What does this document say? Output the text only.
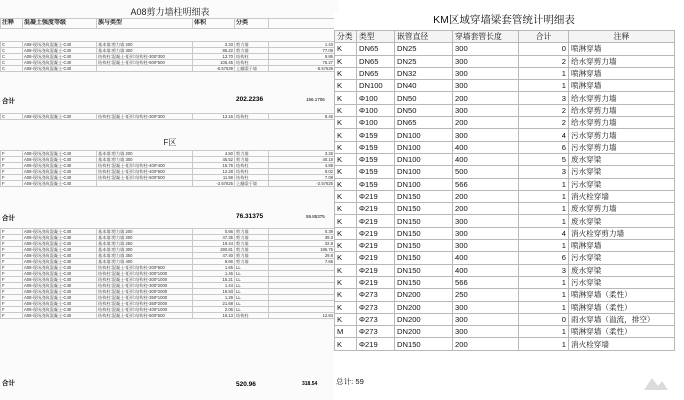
A08剪力墙柱明细表
注释	混凝土强度等级	族与类型	体积	分类	
C	A08-现场浇筑混凝土-C40	基本墙:剪力墙 200	3.33	剪力墙	1.43
C	A08-现场浇筑混凝土-C40	基本墙:剪力墙 300	85.22	剪力墙	77.09
C	A08-现场浇筑混凝土-C40	结构柱:混凝土-矩形:结构柱-300*300	13.70	结构柱	9.86
C	A08-现场浇筑混凝土-C40	结构柱:混凝土-矩形:结构柱-500*500	105.45	结构柱	76.27
C	A08-现场浇筑混凝土-C40		-5.57639	上翻梁于墙	-5.57639
合计	202.2236	156.1706
C	A08-现场浇筑混凝土-C30	结构柱:混凝土-矩形:结构柱-300*300	13.16	结构柱	8.46
F区
F	A08-现场浇筑混凝土-C40	基本墙:剪力墙 200	4.50	剪力墙	3.26
F	A08-现场浇筑混凝土-C40	基本墙:剪力墙 300	45.52	剪力墙	40.18
F	A08-现场浇筑混凝土-C40	结构柱:混凝土-矩形:结构柱-400*400	15.76	结构柱	4.89
F	A08-现场浇筑混凝土-C40	结构柱:混凝土-矩形:结构柱-400*600	12.28	结构柱	9.02
F	A08-现场浇筑混凝土-C40	结构柱:混凝土-矩形:结构柱-500*500	11.59	结构柱	7.08
F	A08-现场浇筑混凝土-C40		-2.57625	上翻梁于墙	-2.57625
合计	76.31375	59.85375
F	A08-现场浇筑混凝土-C40	基本墙:剪力墙 200	0.66	剪力墙	0.39
F	A08-现场浇筑混凝土-C40	基本墙:剪力墙 200	47.35	剪力墙	39.3
F	A08-现场浇筑混凝土-C40	基本墙:剪力墙 250	19.44	剪力墙	32.8
F	A08-现场浇筑混凝土-C40	基本墙:剪力墙 300	290.81	剪力墙	195.75
F	A08-现场浇筑混凝土-C40	基本墙:剪力墙 350	47.40	剪力墙	29.8
F	A08-现场浇筑混凝土-C40	基本墙:剪力墙 400	9.66	剪力墙	7.66
F	A08-现场浇筑混凝土-C40	结构柱:混凝土-矩形:结构柱-200*600	1.65	LL	
F	A08-现场浇筑混凝土-C40	结构柱:混凝土-矩形:结构柱-300*1000	1.46	LL	
F	A08-现场浇筑混凝土-C40	结构柱:混凝土-矩形:结构柱-300*1000	15.21	LL	
F	A08-现场浇筑混凝土-C40	结构柱:混凝土-矩形:结构柱-300*2000	1.44	LL	
F	A08-现场浇筑混凝土-C40	结构柱:混凝土-矩形:结构柱-300*2000	18.93	LL	
F	A08-现场浇筑混凝土-C40	结构柱:混凝土-矩形:结构柱-350*1000	1.29	LL	
F	A08-现场浇筑混凝土-C40	结构柱:混凝土-矩形:结构柱-350*2000	21.68	LL	
F	A08-现场浇筑混凝土-C40	结构柱:混凝土-矩形:结构柱-400*1000	2.06	LL	
F	A08-现场浇筑混凝土-C40	结构柱:混凝土-矩形:结构柱-500*500	19.13	结构柱	12.84
合计	520.96	318.54
KM区域穿墙梁套管统计明细表
分类	类型	嵌管直径	穿墙套管长度	合计	注释
K	DN65	DN25	300	0	喷淋穿墙
K	DN65	DN25	300	2	给水穿剪力墙
K	DN65	DN32	300	1	喷淋穿墙
K	DN100	DN40	300	1	喷淋穿墙
K	Φ100	DN50	200	3	给水穿剪力墙
K	Φ100	DN50	300	2	给水穿剪力墙
K	Φ100	DN65	200	2	给水穿剪力墙
K	Φ159	DN100	300	4	污水穿剪力墙
K	Φ159	DN100	400	6	污水穿剪力墙
K	Φ159	DN100	400	5	废水穿梁
K	Φ159	DN100	500	3	污水穿梁
K	Φ159	DN100	566	1	污水穿梁
K	Φ219	DN150	200	1	消火栓穿墙
K	Φ219	DN150	200	1	废水穿剪力墙
K	Φ219	DN150	300	1	废水穿梁
K	Φ219	DN150	300	4	消火栓穿剪力墙
K	Φ219	DN150	300	1	喷淋穿墙
K	Φ219	DN150	400	6	污水穿梁
K	Φ219	DN150	400	3	废水穿梁
K	Φ219	DN150	566	1	污水穿梁
K	Φ273	DN200	250	1	喷淋穿墙（柔性）
K	Φ273	DN200	300	1	喷淋穿墙（柔性）
K	Φ273	DN200	300	0	雨水穿墙（溢流，排空）
M	Φ273	DN200	300	1	喷淋穿墙（柔性）
K	Φ219	DN150	200	1	消火栓穿墙
总计: 59
